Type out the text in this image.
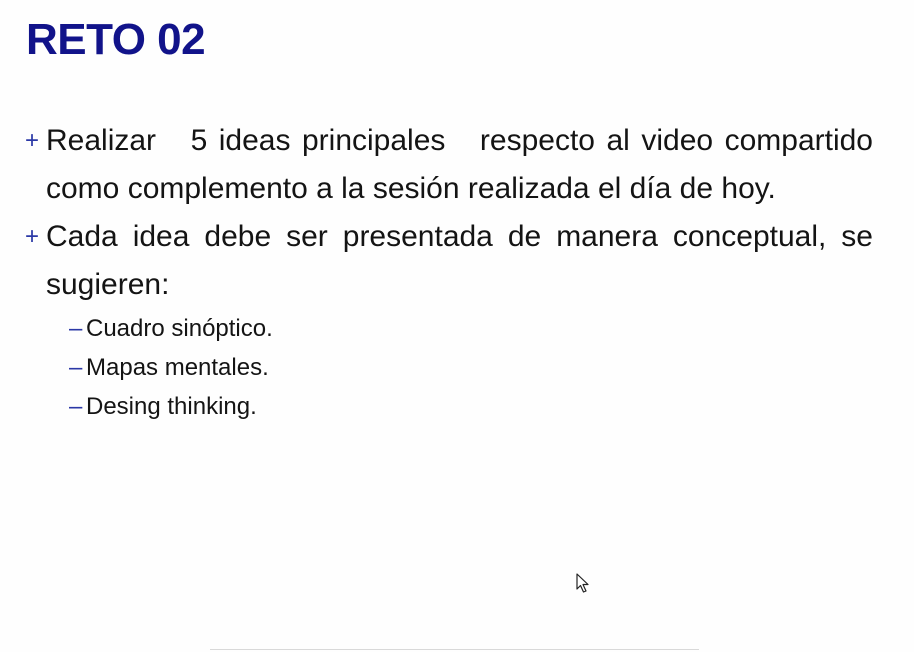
RETO 02
+ Realizar   5 ideas principales   respecto al video compartido  como complemento a la sesión realizada el día de hoy.
+ Cada idea debe ser presentada de manera conceptual, se sugieren:
– Cuadro sinóptico.
– Mapas mentales.
– Desing thinking.
